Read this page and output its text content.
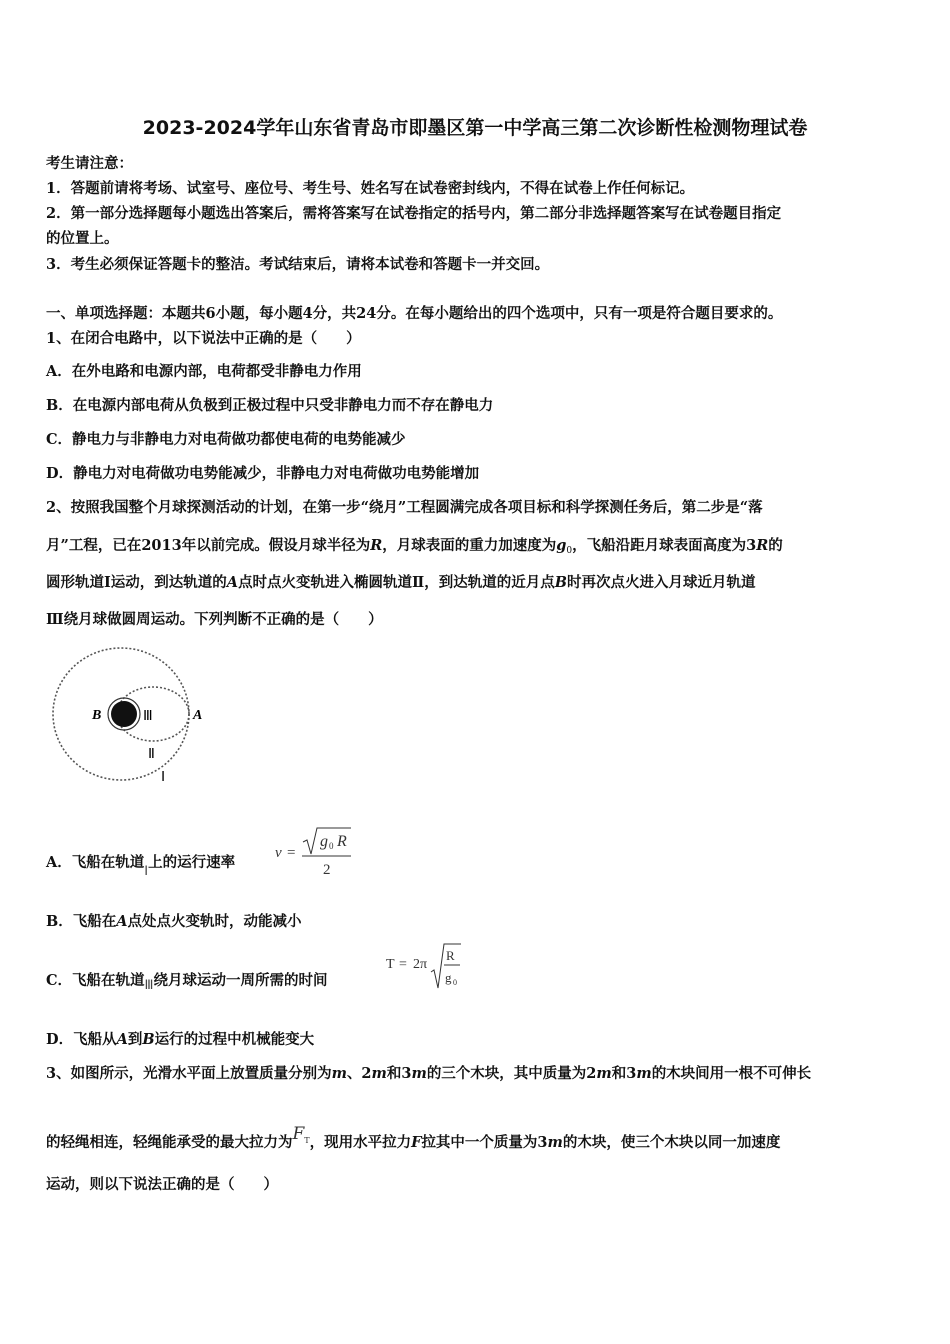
2023-2024学年山东省青岛市即墨区第一中学高三第二次诊断性检测物理试卷
考生请注意：
1．答题前请将考场、试室号、座位号、考生号、姓名写在试卷密封线内，不得在试卷上作任何标记。
2．第一部分选择题每小题选出答案后，需将答案写在试卷指定的括号内，第二部分非选择题答案写在试卷题目指定
的位置上。
3．考生必须保证答题卡的整洁。考试结束后，请将本试卷和答题卡一并交回。
一、单项选择题：本题共6小题，每小题4分，共24分。在每小题给出的四个选项中，只有一项是符合题目要求的。
1、在闭合电路中，以下说法中正确的是（　　）
A．在外电路和电源内部，电荷都受非静电力作用
B．在电源内部电荷从负极到正极过程中只受非静电力而不存在静电力
C．静电力与非静电力对电荷做功都使电荷的电势能减少
D．静电力对电荷做功电势能减少，非静电力对电荷做功电势能增加
2、按照我国整个月球探测活动的计划，在第一步“绕月”工程圆满完成各项目标和科学探测任务后，第二步是“落
月”工程，已在2013年以前完成。假设月球半径为R，月球表面的重力加速度为$g_0$，飞船沿距月球表面高度为3R的
圆形轨道Ⅰ运动，到达轨道的A点时点火变轨进入椭圆轨道Ⅱ，到达轨道的近月点B时再次点火进入月球近月轨道
Ⅲ绕月球做圆周运动。下列判断不正确的是（　　）
B	A
Ⅲ
Ⅱ
Ⅰ
A．飞船在轨道Ⅰ上的运行速率
v =
g 0 R
2
B．飞船在A点处点火变轨时，动能减小
C．飞船在轨道Ⅲ绕月球运动一周所需的时间
T = 2π
R
g 0
D．飞船从A到B运行的过程中机械能变大
3、如图所示，光滑水平面上放置质量分别为m、2m和3m的三个木块，其中质量为2m和3m的木块间用一根不可伸长
的轻绳相连，轻绳能承受的最大拉力为$F^T$，现用水平拉力F拉其中一个质量为3m的木块，使三个木块以同一加速度
运动，则以下说法正确的是（　　）
